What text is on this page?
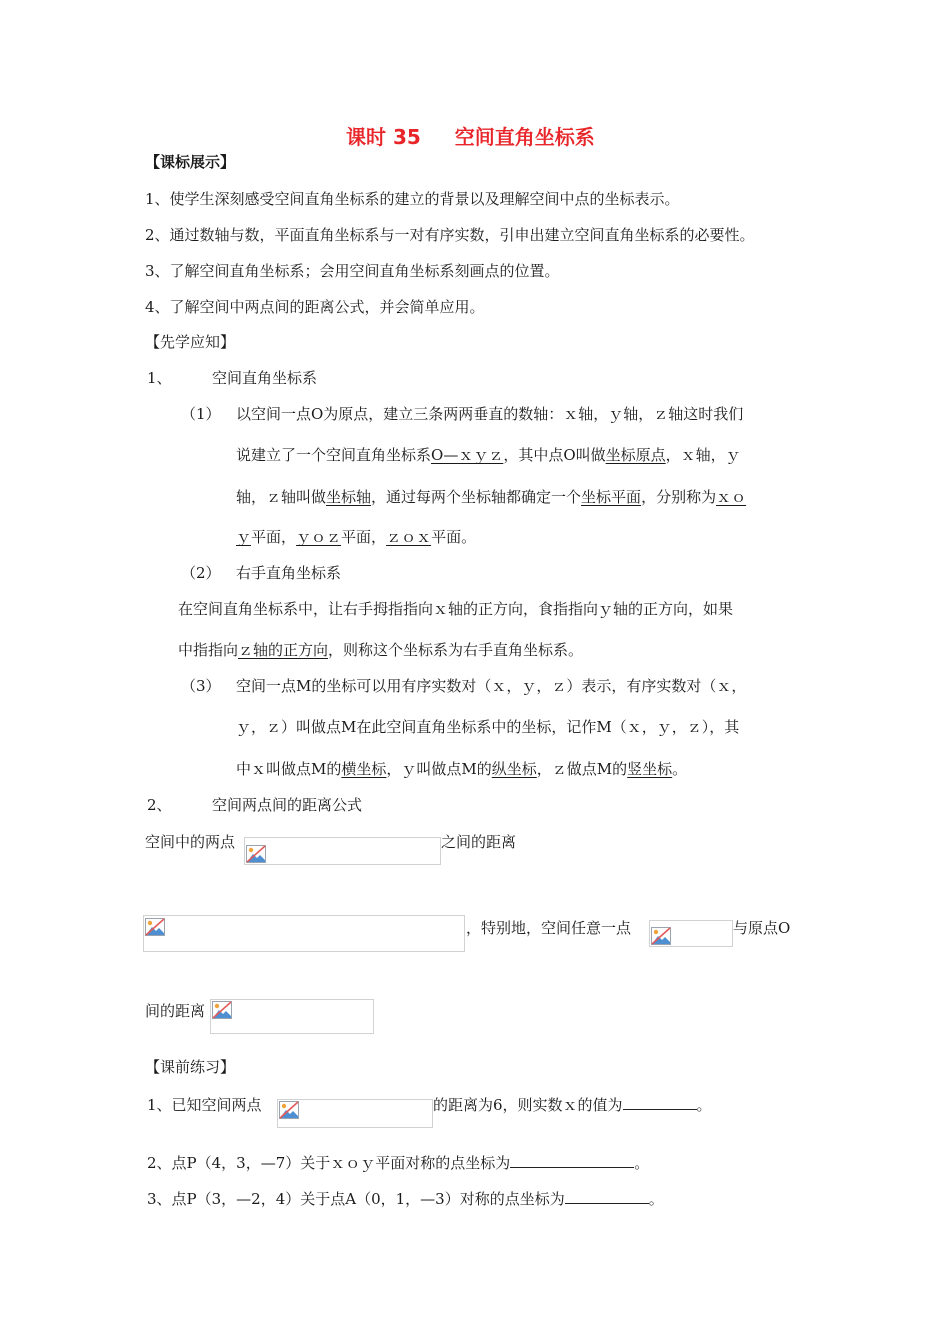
课时 35 空间直角坐标系
【课标展示】
1、使学生深刻感受空间直角坐标系的建立的背景以及理解空间中点的坐标表示。
2、通过数轴与数，平面直角坐标系与一对有序实数，引申出建立空间直角坐标系的必要性。
3、了解空间直角坐标系；会用空间直角坐标系刻画点的位置。
4、了解空间中两点间的距离公式，并会简单应用。
【先学应知】
1、	空间直角坐标系
（1） 以空间一点O为原点，建立三条两两垂直的数轴：ｘ轴，ｙ轴，ｚ轴这时我们
说建立了一个空间直角坐标系O—ｘｙｚ，其中点O叫做坐标原点，ｘ轴，ｙ
轴，ｚ轴叫做坐标轴，通过每两个坐标轴都确定一个坐标平面，分别称为ｘｏ
ｙ平面，ｙｏｚ平面，ｚｏｘ平面。
（2） 右手直角坐标系
在空间直角坐标系中，让右手拇指指向ｘ轴的正方向，食指指向ｙ轴的正方向，如果
中指指向ｚ轴的正方向，则称这个坐标系为右手直角坐标系。
（3） 空间一点M的坐标可以用有序实数对（ｘ，ｙ，ｚ）表示，有序实数对（ｘ，
ｙ，ｚ）叫做点M在此空间直角坐标系中的坐标，记作M（ｘ，ｙ，ｚ），其
中ｘ叫做点M的横坐标，ｙ叫做点M的纵坐标，ｚ做点M的竖坐标。
2、	空间两点间的距离公式
空间中的两点	之间的距离
，特别地，空间任意一点	与原点O
间的距离
【课前练习】
1、已知空间两点	的距离为6，则实数ｘ的值为	。
2、点P（4，3，—7）关于ｘｏｙ平面对称的点坐标为	。
3、点P（3，—2，4）关于点A（0，1，—3）对称的点坐标为	。
